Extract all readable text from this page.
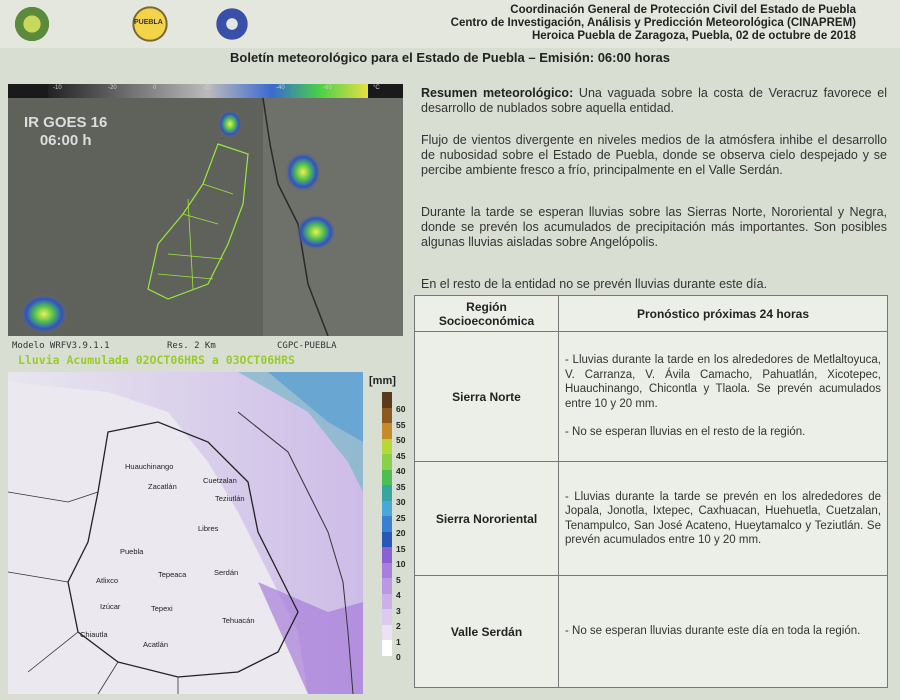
PUEBLA
Coordinación General de Protección Civil del Estado de Puebla
Centro de Investigación, Análisis y Predicción Meteorológica (CINAPREM)
Heroica Puebla de Zaragoza, Puebla, 02 de octubre de 2018
Boletín meteorológico para el Estado de Puebla – Emisión: 06:00 horas
IR GOES 16
06:00 h
-10	-20	0	-20	-40	-60	°C
Modelo WRFV3.9.1.1	Res. 2 Km	CGPC-PUEBLA
Lluvia Acumulada 02OCT06HRS a 03OCT06HRS
Huauchinango
Zacatlán
Cuetzalan
Teziutlán
Libres
Puebla
Atlixco
Tepeaca	Serdán
Izúcar	Tepexi
Tehuacán
Chiautla
Acatlán
[mm]
60
55
50
45
40
35
30
25
20
15
10
5
4
3
2
1
0
Resumen meteorológico: Una vaguada sobre la costa de Veracruz favorece el desarrollo de nublados sobre aquella entidad.
Flujo de vientos divergente en niveles medios de la atmósfera inhibe el desarrollo de nubosidad sobre el Estado de Puebla, donde se observa cielo despejado y se percibe ambiente fresco a frío, principalmente en el Valle Serdán.
Durante la tarde se esperan lluvias sobre las Sierras Norte, Nororiental y Negra, donde se prevén los acumulados de precipitación más importantes. Son posibles algunas lluvias aisladas sobre Angelópolis.
En el resto de la entidad no se prevén lluvias durante este día.
Región Socioeconómica	Pronóstico próximas 24 horas
Sierra Norte	- Lluvias durante la tarde en los alrededores de Metlaltoyuca, V. Carranza, V. Ávila Camacho, Pahuatlán, Xicotepec, Huauchinango, Chicontla y Tlaola. Se prevén acumulados entre 10 y 20 mm.
- No se esperan lluvias en el resto de la región.

Sierra Nororiental	- Lluvias durante la tarde se prevén en los alrededores de Jopala, Jonotla, Ixtepec, Caxhuacan, Huehuetla, Cuetzalan, Tenampulco, San José Acateno, Hueytamalco y Teziutlán. Se prevén acumulados entre 10 y 20 mm.
Valle Serdán	- No se esperan lluvias durante este día en toda la región.
